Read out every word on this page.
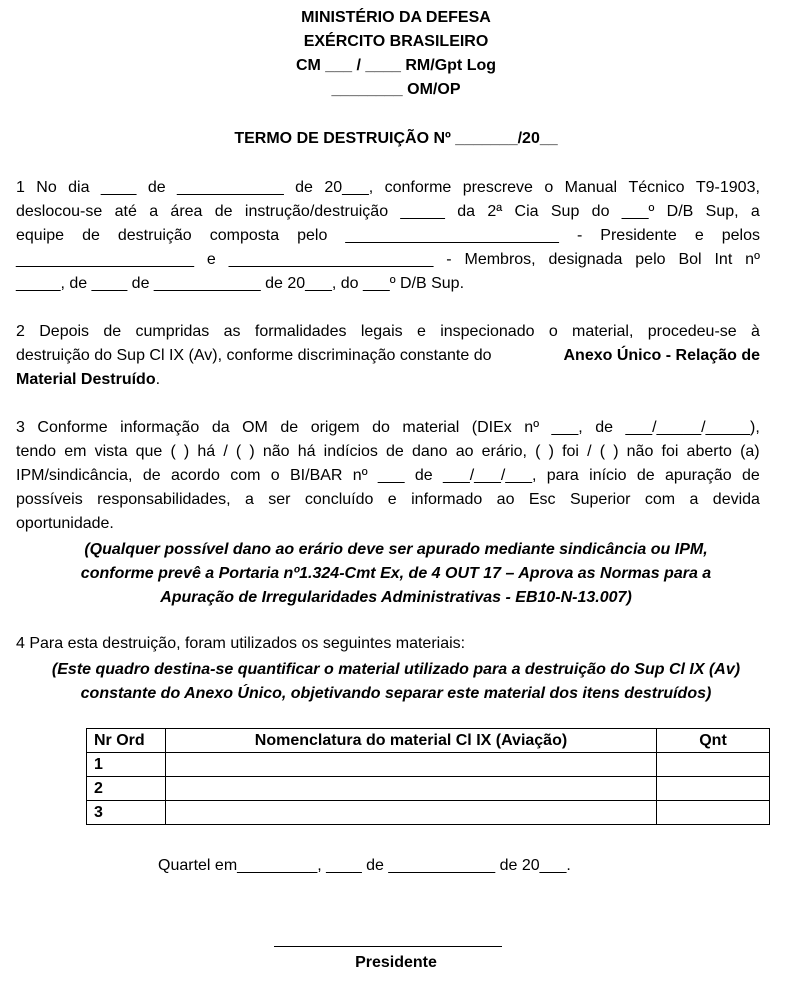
MINISTÉRIO DA DEFESA
EXÉRCITO BRASILEIRO
CM ___ / ____ RM/Gpt Log
________ OM/OP
TERMO DE DESTRUIÇÃO Nº _______/20__
1 No dia ____ de ____________ de 20___, conforme prescreve o Manual Técnico T9-1903,
deslocou-se até a área de instrução/destruição _____ da 2ª Cia Sup do ___º D/B Sup, a
equipe de destruição composta pelo ________________________ - Presidente e pelos
____________________ e _______________________ - Membros, designada pelo Bol Int nº
_____, de ____ de ____________ de 20___, do ___º D/B Sup.
2 Depois de cumpridas as formalidades legais e inspecionado o material, procedeu-se à
destruição do Sup Cl IX (Av), conforme discriminação constante do	Anexo Único - Relação de
Material Destruído.
3 Conforme informação da OM de origem do material (DIEx nº ___, de ___/_____/_____),
tendo em vista que ( ) há / ( ) não há indícios de dano ao erário, ( ) foi / ( ) não foi aberto (a)
IPM/sindicância, de acordo com o BI/BAR nº ___ de ___/___/___, para início de apuração de
possíveis responsabilidades, a ser concluído e informado ao Esc Superior com a devida
oportunidade.
(Qualquer possível dano ao erário deve ser apurado mediante sindicância ou IPM,
conforme prevê a Portaria nº1.324-Cmt Ex, de 4 OUT 17 – Aprova as Normas para a
Apuração de Irregularidades Administrativas - EB10-N-13.007)
4 Para esta destruição, foram utilizados os seguintes materiais:
(Este quadro destina-se quantificar o material utilizado para a destruição do Sup Cl IX (Av)
constante do Anexo Único, objetivando separar este material dos itens destruídos)
Nr Ord	Nomenclatura do material Cl IX (Aviação)	Qnt
1		
2		
3		
Quartel em_________, ____ de ____________ de 20___.
Presidente
